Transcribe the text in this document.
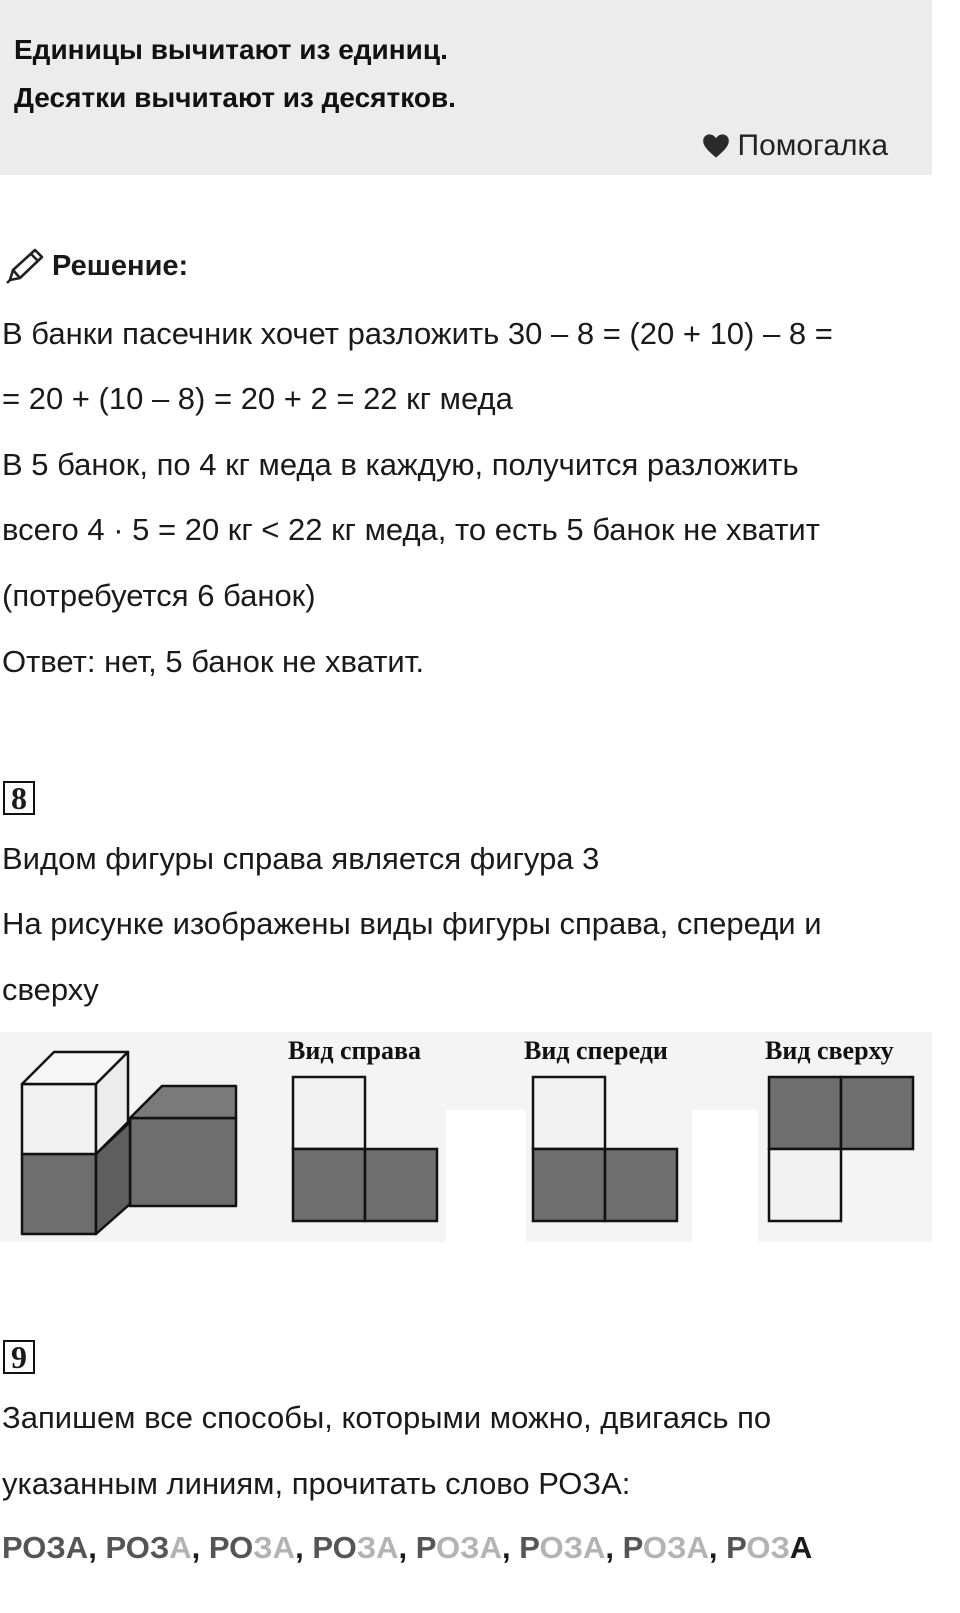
Единицы вычитают из единиц.
Десятки вычитают из десятков.
Помогалка
Решение:
В банки пасечник хочет разложить 30 – 8 = (20 + 10) – 8 =
= 20 + (10 – 8) = 20 + 2 = 22 кг меда
В 5 банок, по 4 кг меда в каждую, получится разложить
всего 4 · 5 = 20 кг < 22 кг меда, то есть 5 банок не хватит
(потребуется 6 банок)
Ответ: нет, 5 банок не хватит.
8
Видом фигуры справа является фигура 3
На рисунке изображены виды фигуры справа, спереди и
сверху
Вид справа	Вид спереди	Вид сверху
9
Запишем все способы, которыми можно, двигаясь по
указанным линиям, прочитать слово РОЗА:
РОЗА, РОЗА, РОЗА, РОЗА, РОЗА, РОЗА, РОЗА, РОЗА
